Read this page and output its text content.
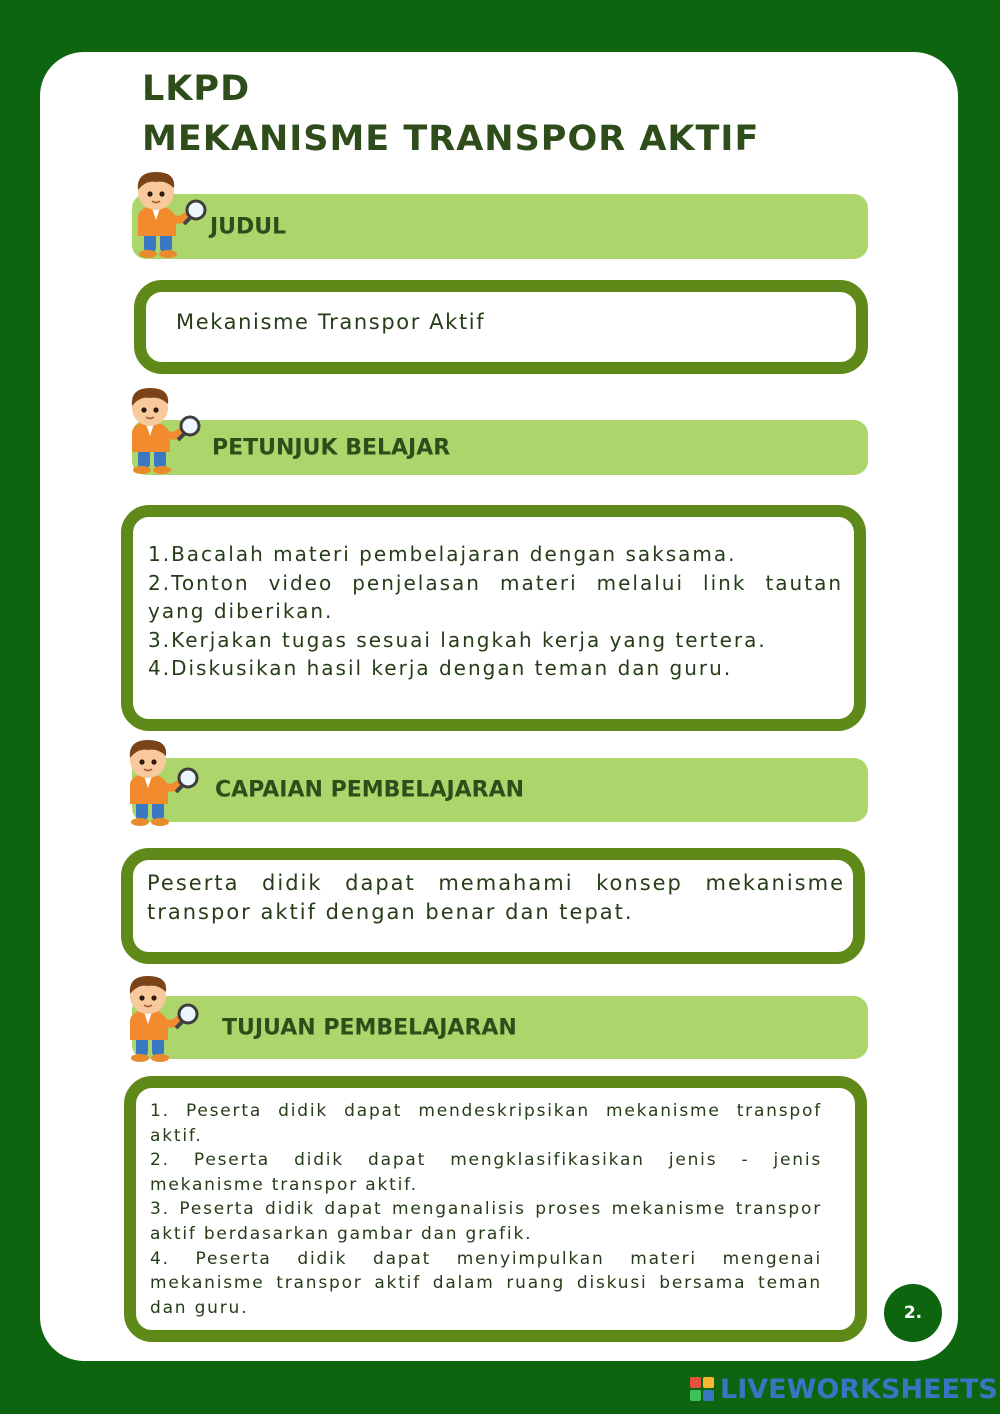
LKPD
MEKANISME TRANSPOR AKTIF
JUDUL
Mekanisme Transpor Aktif
PETUNJUK BELAJAR

1.Bacalah materi pembelajaran dengan saksama.

2.Tonton video penjelasan materi melalui link tautan yang diberikan.

3.Kerjakan tugas sesuai langkah kerja yang tertera.

4.Diskusikan hasil kerja dengan teman dan guru.

CAPAIAN PEMBELAJARAN

Peserta didik dapat memahami konsep mekanisme transpor aktif dengan benar dan tepat.

TUJUAN PEMBELAJARAN

1. Peserta didik dapat mendeskripsikan mekanisme transpof aktif.

2. Peserta didik dapat mengklasifikasikan jenis - jenis mekanisme transpor aktif.

3. Peserta didik dapat menganalisis proses mekanisme transpor aktif berdasarkan gambar dan grafik.

4. Peserta didik dapat menyimpulkan materi mengenai mekanisme transpor aktif dalam ruang diskusi bersama teman dan guru.	2.
LIVEWORKSHEETS
